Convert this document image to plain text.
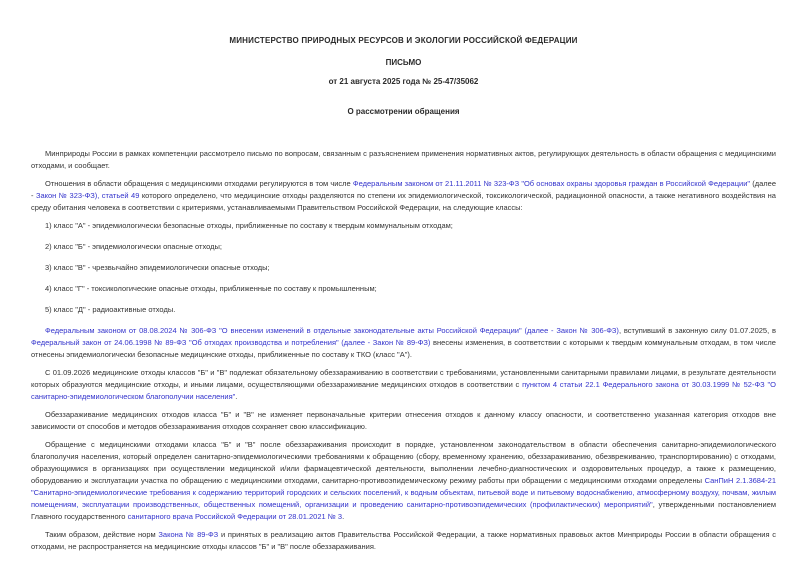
МИНИСТЕРСТВО ПРИРОДНЫХ РЕСУРСОВ И ЭКОЛОГИИ РОССИЙСКОЙ ФЕДЕРАЦИИ
ПИСЬМО
от 21 августа 2025 года № 25-47/35062
О рассмотрении обращения

Минприроды России в рамках компетенции рассмотрело письмо по вопросам, связанным с разъяснением применения нормативных актов, регулирующих деятельность в области обращения с медицинскими отходами, и сообщает.

Отношения в области обращения с медицинскими отходами регулируются в том числе Федеральным законом от 21.11.2011 № 323-ФЗ "Об основах охраны здоровья граждан в Российской Федерации" (далее - Закон № 323-ФЗ), статьей 49 которого определено, что медицинские отходы разделяются по степени их эпидемиологической, токсикологической, радиационной опасности, а также негативного воздействия на среду обитания человека в соответствии с критериями, устанавливаемыми Правительством Российской Федерации, на следующие классы:

1) класс "А" - эпидемиологически безопасные отходы, приближенные по составу к твердым коммунальным отходам;

2) класс "Б" - эпидемиологически опасные отходы;

3) класс "В" - чрезвычайно эпидемиологически опасные отходы;

4) класс "Г" - токсикологические опасные отходы, приближенные по составу к промышленным;

5) класс "Д" - радиоактивные отходы.

Федеральным законом от 08.08.2024 № 306-ФЗ "О внесении изменений в отдельные законодательные акты Российской Федерации" (далее - Закон № 306-ФЗ), вступивший в законную силу 01.07.2025, в Федеральный закон от 24.06.1998 № 89-ФЗ "Об отходах производства и потребления" (далее - Закон № 89-ФЗ) внесены изменения, в соответствии с которыми к твердым коммунальным отходам, в том числе отнесены эпидемиологически безопасные медицинские отходы, приближенные по составу к ТКО (класс "А").

С 01.09.2026 медицинские отходы классов "Б" и "В" подлежат обязательному обеззараживанию в соответствии с требованиями, установленными санитарными правилами лицами, в результате деятельности которых образуются медицинские отходы, и иными лицами, осуществляющими обеззараживание медицинских отходов в соответствии с пунктом 4 статьи 22.1 Федерального закона от 30.03.1999 № 52-ФЗ "О санитарно-эпидемиологическом благополучии населения".

Обеззараживание медицинских отходов класса "Б" и "В" не изменяет первоначальные критерии отнесения отходов к данному классу опасности, и соответственно указанная категория отходов вне зависимости от способов и методов обеззараживания отходов сохраняет свою классификацию.

Обращение с медицинскими отходами класса "Б" и "В" после обеззараживания происходит в порядке, установленном законодательством в области обеспечения санитарно-эпидемиологического благополучия населения, который определен санитарно-эпидемиологическими требованиями к обращению (сбору, временному хранению, обеззараживанию, обезвреживанию, транспортированию) с отходами, образующимися в организациях при осуществлении медицинской и/или фармацевтической деятельности, выполнении лечебно-диагностических и оздоровительных процедур, а также к размещению, оборудованию и эксплуатации участка по обращению с медицинскими отходами, санитарно-противоэпидемическому режиму работы при обращении с медицинскими отходами определены СанПиН 2.1.3684-21 "Санитарно-эпидемиологические требования к содержанию территорий городских и сельских поселений, к водным объектам, питьевой воде и питьевому водоснабжению, атмосферному воздуху, почвам, жилым помещениям, эксплуатации производственных, общественных помещений, организации и проведению санитарно-противоэпидемических (профилактических) мероприятий", утвержденными постановлением Главного государственного санитарного врача Российской Федерации от 28.01.2021 № 3.

Таким образом, действие норм Закона № 89-ФЗ и принятых в реализацию актов Правительства Российской Федерации, а также нормативных правовых актов Минприроды России в области обращения с отходами, не распространяется на медицинские отходы классов "Б" и "В" после обеззараживания.
